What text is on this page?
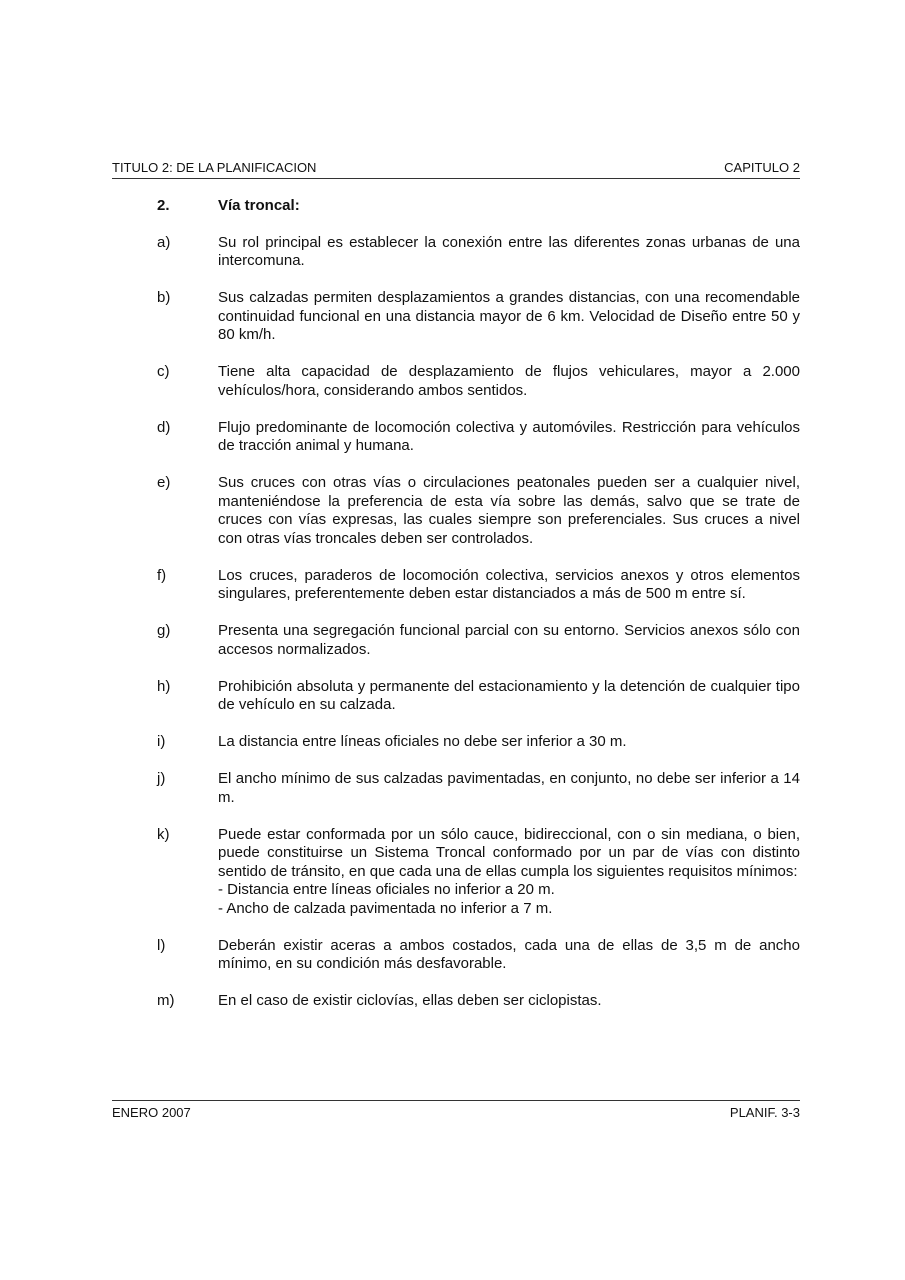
TITULO 2: DE LA PLANIFICACION	CAPITULO 2
2.	Vía troncal:
a)	Su rol principal es establecer la conexión entre las diferentes zonas urbanas de una intercomuna.
b)	Sus calzadas permiten desplazamientos a grandes distancias, con una recomendable continuidad funcional en una distancia mayor de 6 km. Velocidad de Diseño entre 50 y 80 km/h.
c)	Tiene alta capacidad de desplazamiento de flujos vehiculares, mayor a 2.000 vehículos/hora, considerando ambos sentidos.
d)	Flujo predominante de locomoción colectiva y automóviles. Restricción para vehículos de tracción animal y humana.
e)	Sus cruces con otras vías o circulaciones peatonales pueden ser a cualquier nivel, manteniéndose la preferencia de esta vía sobre las demás, salvo que se trate de cruces con vías expresas, las cuales siempre son preferenciales. Sus cruces a nivel con otras vías troncales deben ser controlados.
f)	Los cruces, paraderos de locomoción colectiva, servicios anexos y otros elementos singulares, preferentemente deben estar distanciados a más de 500 m entre sí.
g)	Presenta una segregación funcional parcial con su entorno. Servicios anexos sólo con accesos normalizados.
h)	Prohibición absoluta y permanente del estacionamiento y la detención de cualquier tipo de vehículo en su calzada.
i)	La distancia entre líneas oficiales no debe ser inferior a 30 m.
j)	El ancho mínimo de sus calzadas pavimentadas, en conjunto, no debe ser inferior a 14 m.
k)	Puede estar conformada por un sólo cauce, bidireccional, con o sin mediana, o bien, puede constituirse un Sistema Troncal conformado por un par de vías con distinto sentido de tránsito, en que cada una de ellas cumpla los siguientes requisitos mínimos:
- Distancia entre líneas oficiales no inferior a 20 m.
- Ancho de calzada pavimentada no inferior a 7 m.
l)	Deberán existir aceras a ambos costados, cada una de ellas de 3,5 m de ancho mínimo, en su condición más desfavorable.
m)	En el caso de existir ciclovías, ellas deben ser ciclopistas.
ENERO 2007	PLANIF. 3-3
